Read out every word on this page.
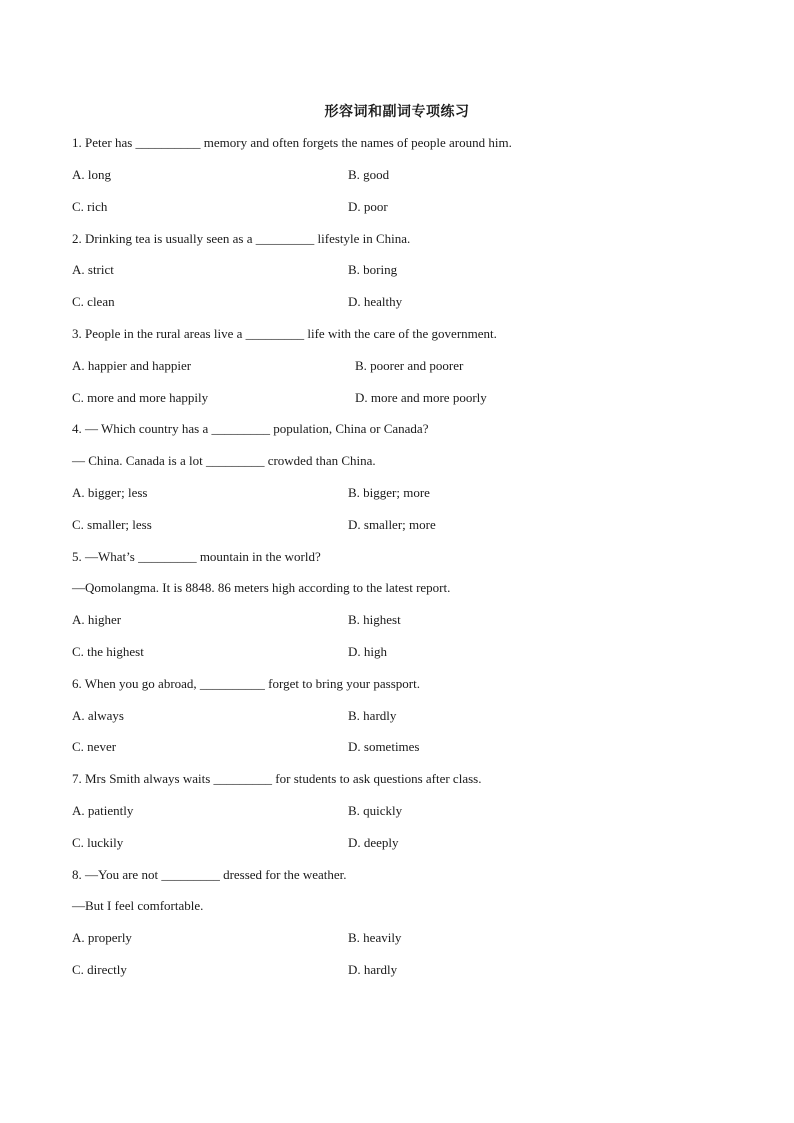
形容词和副词专项练习
1. Peter has __________ memory and often forgets the names of people around him.
A. long	B. good
C. rich	D. poor
2. Drinking tea is usually seen as a _________ lifestyle in China.
A. strict	B. boring
C. clean	D. healthy
3. People in the rural areas live a _________ life with the care of the government.
A. happier and happier	B. poorer and poorer
C. more and more happily	D. more and more poorly
4. — Which country has a _________ population, China or Canada?
— China. Canada is a lot _________ crowded than China.
A. bigger; less	B. bigger; more
C. smaller; less	D. smaller; more
5. —What’s _________ mountain in the world?
—Qomolangma. It is 8848. 86 meters high according to the latest report.
A. higher	B. highest
C. the highest	D. high
6. When you go abroad, __________ forget to bring your passport.
A. always	B. hardly
C. never	D. sometimes
7. Mrs Smith always waits _________ for students to ask questions after class.
A. patiently	B. quickly
C. luckily	D. deeply
8. —You are not _________ dressed for the weather.
—But I feel comfortable.
A. properly	B. heavily
C. directly	D. hardly
